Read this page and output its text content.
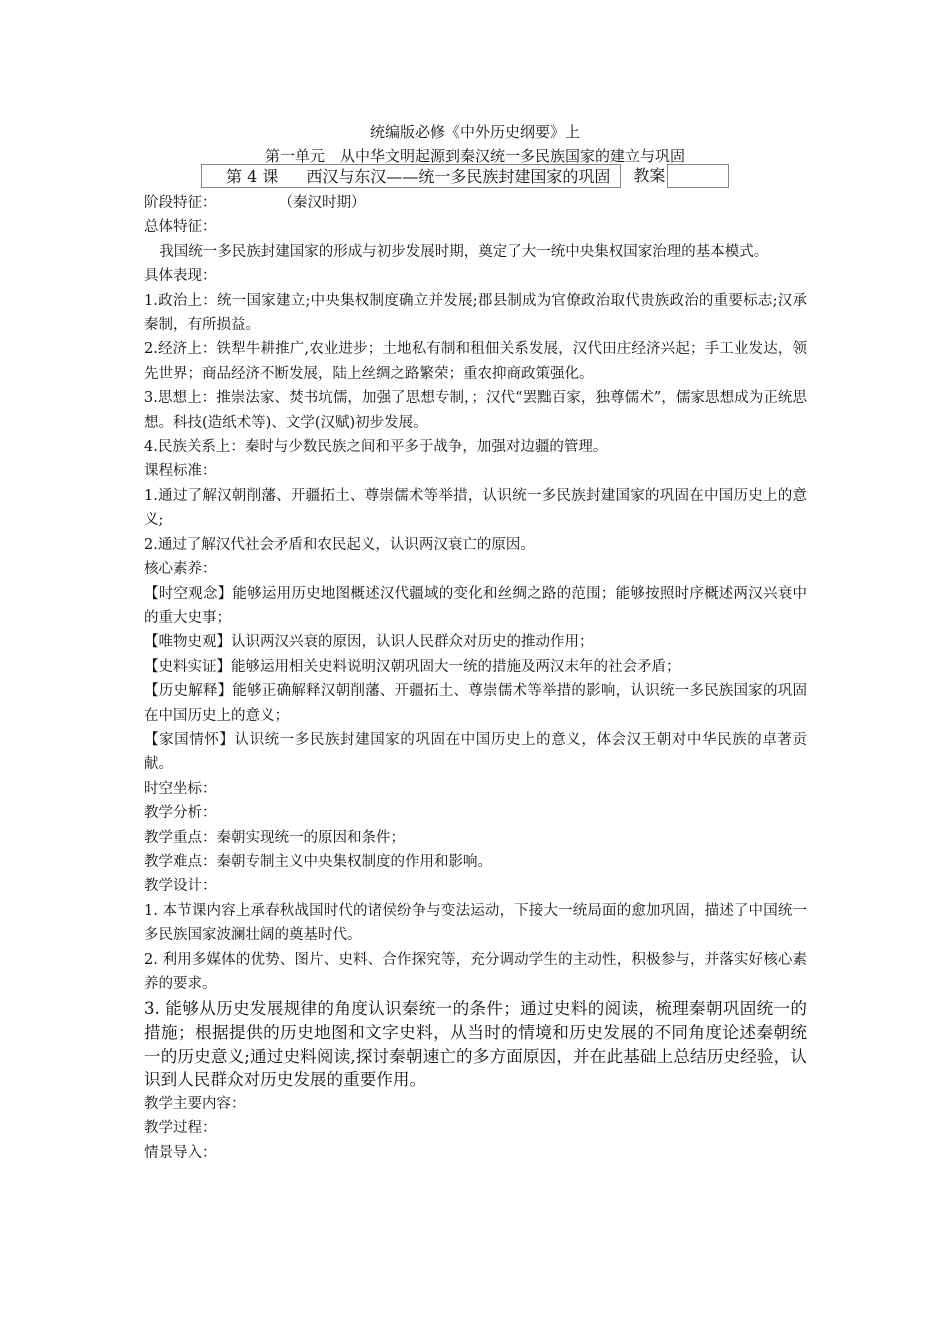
统编版必修《中外历史纲要》上
第一单元　从中华文明起源到秦汉统一多民族国家的建立与巩固
第 4 课 西汉与东汉——统一多民族封建国家的巩固	教案

阶段特征：	（秦汉时期）

总体特征：

我国统一多民族封建国家的形成与初步发展时期，奠定了大一统中央集权国家治理的基本模式。

具体表现：

1.政治上：统一国家建立;中央集权制度确立并发展;郡县制成为官僚政治取代贵族政治的重要标志;汉承秦制，有所损益。

2.经济上：铁犁牛耕推广,农业进步；土地私有制和租佃关系发展，汉代田庄经济兴起；手工业发达，领先世界；商品经济不断发展，陆上丝绸之路繁荣；重农抑商政策强化。

3.思想上：推崇法家、焚书坑儒，加强了思想专制，；汉代“罢黜百家，独尊儒术”，儒家思想成为正统思想。科技(造纸术等)、文学(汉赋)初步发展。

4.民族关系上：秦时与少数民族之间和平多于战争，加强对边疆的管理。

课程标准：

1.通过了解汉朝削藩、开疆拓土、尊崇儒术等举措，认识统一多民族封建国家的巩固在中国历史上的意义;

2.通过了解汉代社会矛盾和农民起义，认识两汉衰亡的原因。

核心素养：

【时空观念】能够运用历史地图概述汉代疆域的变化和丝绸之路的范围；能够按照时序概述两汉兴衰中的重大史事；

【唯物史观】认识两汉兴衰的原因，认识人民群众对历史的推动作用；

【史料实证】能够运用相关史料说明汉朝巩固大一统的措施及两汉末年的社会矛盾；

【历史解释】能够正确解释汉朝削藩、开疆拓土、尊崇儒术等举措的影响，认识统一多民族国家的巩固在中国历史上的意义；

【家国情怀】认识统一多民族封建国家的巩固在中国历史上的意义，体会汉王朝对中华民族的卓著贡献。

时空坐标：

教学分析：

教学重点：秦朝实现统一的原因和条件；

教学难点：秦朝专制主义中央集权制度的作用和影响。

教学设计：

1. 本节课内容上承春秋战国时代的诸侯纷争与变法运动，下接大一统局面的愈加巩固，描述了中国统一多民族国家波澜壮阔的奠基时代。

2. 利用多媒体的优势、图片、史料、合作探究等，充分调动学生的主动性，积极参与，并落实好核心素养的要求。

3. 能够从历史发展规律的角度认识秦统一的条件；通过史料的阅读，梳理秦朝巩固统一的措施；根据提供的历史地图和文字史料，从当时的情境和历史发展的不同角度论述秦朝统一的历史意义;通过史料阅读,探讨秦朝速亡的多方面原因，并在此基础上总结历史经验，认识到人民群众对历史发展的重要作用。

教学主要内容：

教学过程：

情景导入：
